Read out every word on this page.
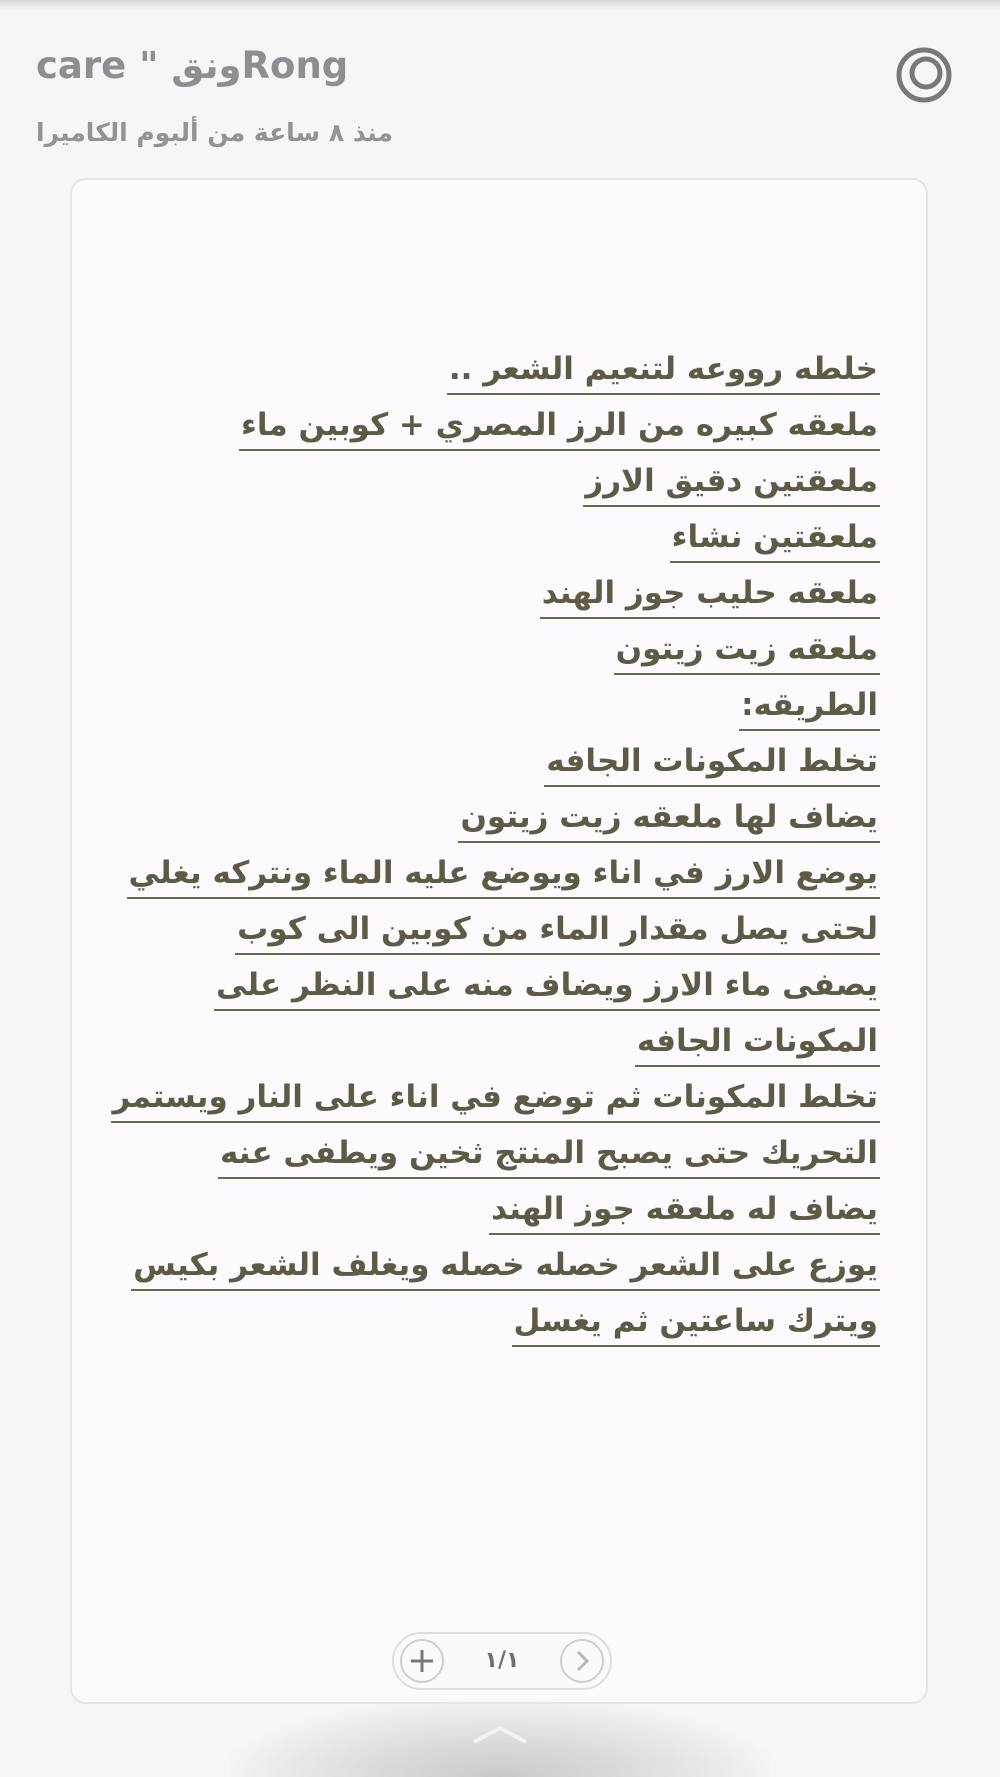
care " ونقRong
منذ ٨ ساعة من ألبوم الكاميرا
خلطه رووعه لتنعيم الشعر ..
ملعقه كبيره من الرز المصري + كوبين ماء
ملعقتين دقيق الارز
ملعقتين نشاء
ملعقه حليب جوز الهند
ملعقه زيت زيتون
الطريقه:
تخلط المكونات الجافه
يضاف لها ملعقه زيت زيتون
يوضع الارز في اناء ويوضع عليه الماء ونتركه يغلي
لحتى يصل مقدار الماء من كوبين الى كوب
يصفى ماء الارز ويضاف منه على النظر على
المكونات الجافه
تخلط المكونات ثم توضع في اناء على النار ويستمر
التحريك حتى يصبح المنتج ثخين ويطفى عنه
يضاف له ملعقه جوز الهند
يوزع على الشعر خصله خصله ويغلف الشعر بكيس
ويترك ساعتين ثم يغسل
١/١
